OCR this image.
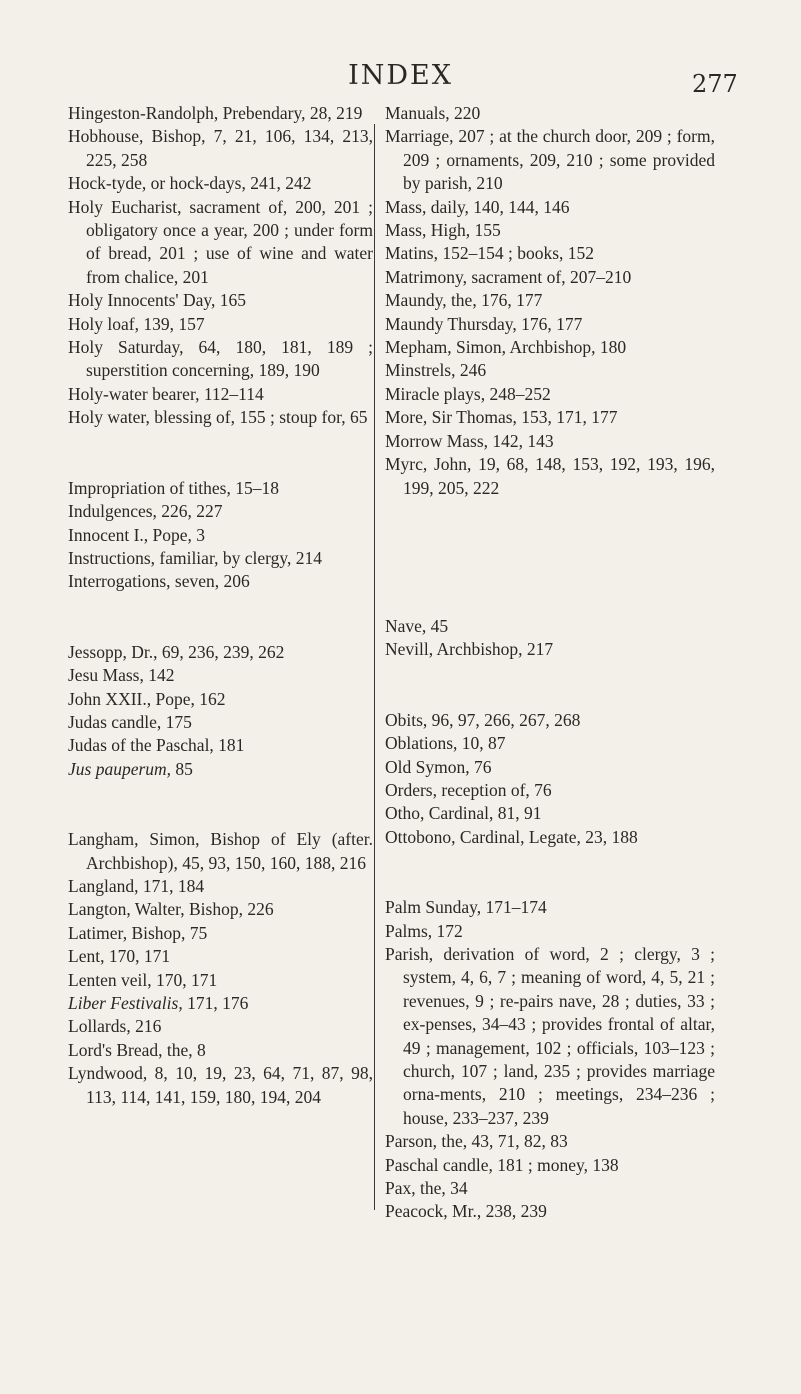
INDEX	277

Hingeston-Randolph, Prebendary, 28, 219

Hobhouse, Bishop, 7, 21, 106, 134, 213, 225, 258

Hock-tyde, or hock-days, 241, 242

Holy Eucharist, sacrament of, 200, 201 ; obligatory once a year, 200 ; under form of bread, 201 ; use of wine and water from chalice, 201

Holy Innocents' Day, 165

Holy loaf, 139, 157

Holy Saturday, 64, 180, 181, 189 ; superstition concerning, 189, 190

Holy-water bearer, 112–114

Holy water, blessing of, 155 ; stoup for, 65

Impropriation of tithes, 15–18

Indulgences, 226, 227

Innocent I., Pope, 3

Instructions, familiar, by clergy, 214

Interrogations, seven, 206

Jessopp, Dr., 69, 236, 239, 262

Jesu Mass, 142

John XXII., Pope, 162

Judas candle, 175

Judas of the Paschal, 181

Jus pauperum, 85

Langham, Simon, Bishop of Ely (after. Archbishop), 45, 93, 150, 160, 188, 216

Langland, 171, 184

Langton, Walter, Bishop, 226

Latimer, Bishop, 75

Lent, 170, 171

Lenten veil, 170, 171

Liber Festivalis, 171, 176

Lollards, 216

Lord's Bread, the, 8

Lyndwood, 8, 10, 19, 23, 64, 71, 87, 98, 113, 114, 141, 159, 180, 194, 204

Manuals, 220

Marriage, 207 ; at the church door, 209 ; form, 209 ; ornaments, 209, 210 ; some provided by parish, 210

Mass, daily, 140, 144, 146

Mass, High, 155

Matins, 152–154 ; books, 152

Matrimony, sacrament of, 207–210

Maundy, the, 176, 177

Maundy Thursday, 176, 177

Mepham, Simon, Archbishop, 180

Minstrels, 246

Miracle plays, 248–252

More, Sir Thomas, 153, 171, 177

Morrow Mass, 142, 143

Myrc, John, 19, 68, 148, 153, 192, 193, 196, 199, 205, 222

Nave, 45

Nevill, Archbishop, 217

Obits, 96, 97, 266, 267, 268

Oblations, 10, 87

Old Symon, 76

Orders, reception of, 76

Otho, Cardinal, 81, 91

Ottobono, Cardinal, Legate, 23, 188

Palm Sunday, 171–174

Palms, 172

Parish, derivation of word, 2 ; clergy, 3 ; system, 4, 6, 7 ; meaning of word, 4, 5, 21 ; revenues, 9 ; re-pairs nave, 28 ; duties, 33 ; ex-penses, 34–43 ; provides frontal of altar, 49 ; management, 102 ; officials, 103–123 ; church, 107 ; land, 235 ; provides marriage orna-ments, 210 ; meetings, 234–236 ; house, 233–237, 239

Parson, the, 43, 71, 82, 83

Paschal candle, 181 ; money, 138

Pax, the, 34

Peacock, Mr., 238, 239
